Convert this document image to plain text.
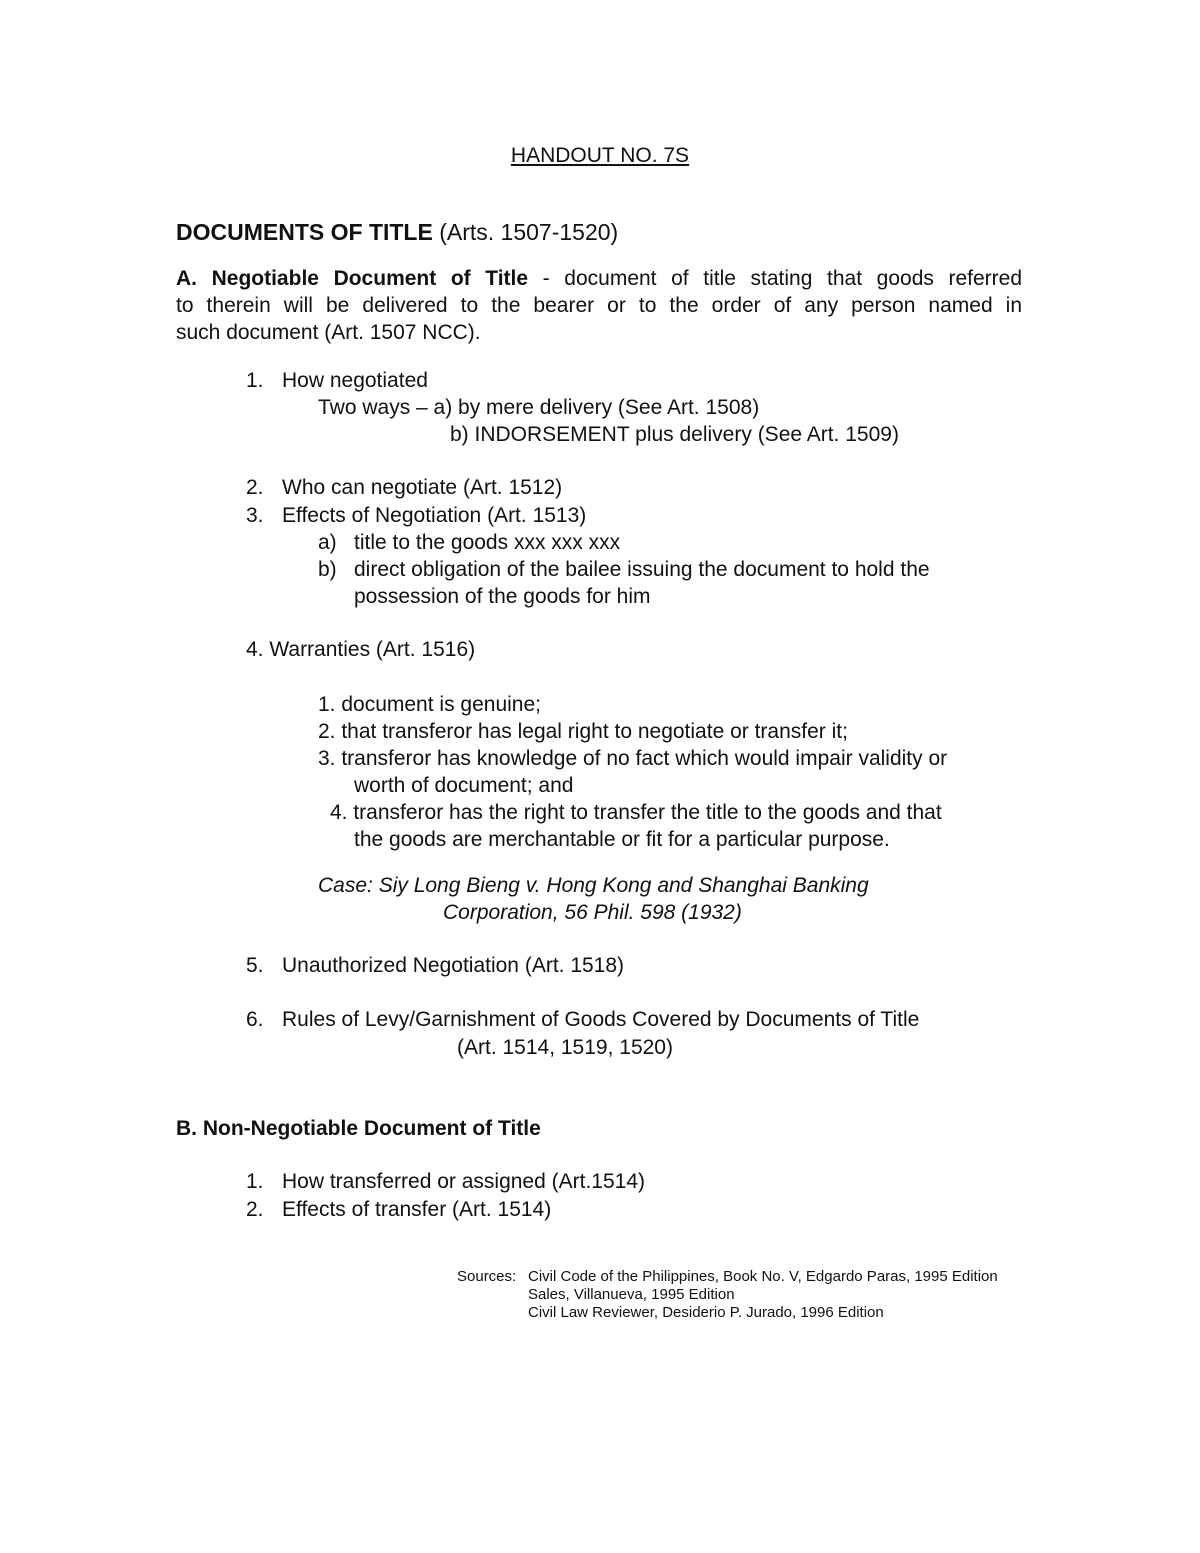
HANDOUT NO. 7S
DOCUMENTS OF TITLE (Arts. 1507-1520)
A. Negotiable Document of Title - document of title stating that goods referred
to therein will be delivered to the bearer or to the order of any person named in
such document (Art. 1507 NCC).
1. How negotiated
Two ways – a) by mere delivery (See Art. 1508)
b) INDORSEMENT plus delivery (See Art. 1509)
2. Who can negotiate (Art. 1512)
3. Effects of Negotiation (Art. 1513)
a) title to the goods xxx xxx xxx
b) direct obligation of the bailee issuing the document to hold the
possession of the goods for him
4. Warranties (Art. 1516)
1. document is genuine;
2. that transferor has legal right to negotiate or transfer it;
3. transferor has knowledge of no fact which would impair validity or
worth of document; and
4. transferor has the right to transfer the title to the goods and that
the goods are merchantable or fit for a particular purpose.
Case: Siy Long Bieng v. Hong Kong and Shanghai Banking
Corporation, 56 Phil. 598 (1932)
5. Unauthorized Negotiation (Art. 1518)
6. Rules of Levy/Garnishment of Goods Covered by Documents of Title
(Art. 1514, 1519, 1520)
B. Non-Negotiable Document of Title
1. How transferred or assigned (Art.1514)
2. Effects of transfer (Art. 1514)
Sources: Civil Code of the Philippines, Book No. V, Edgardo Paras, 1995 Edition
Sales, Villanueva, 1995 Edition
Civil Law Reviewer, Desiderio P. Jurado, 1996 Edition
